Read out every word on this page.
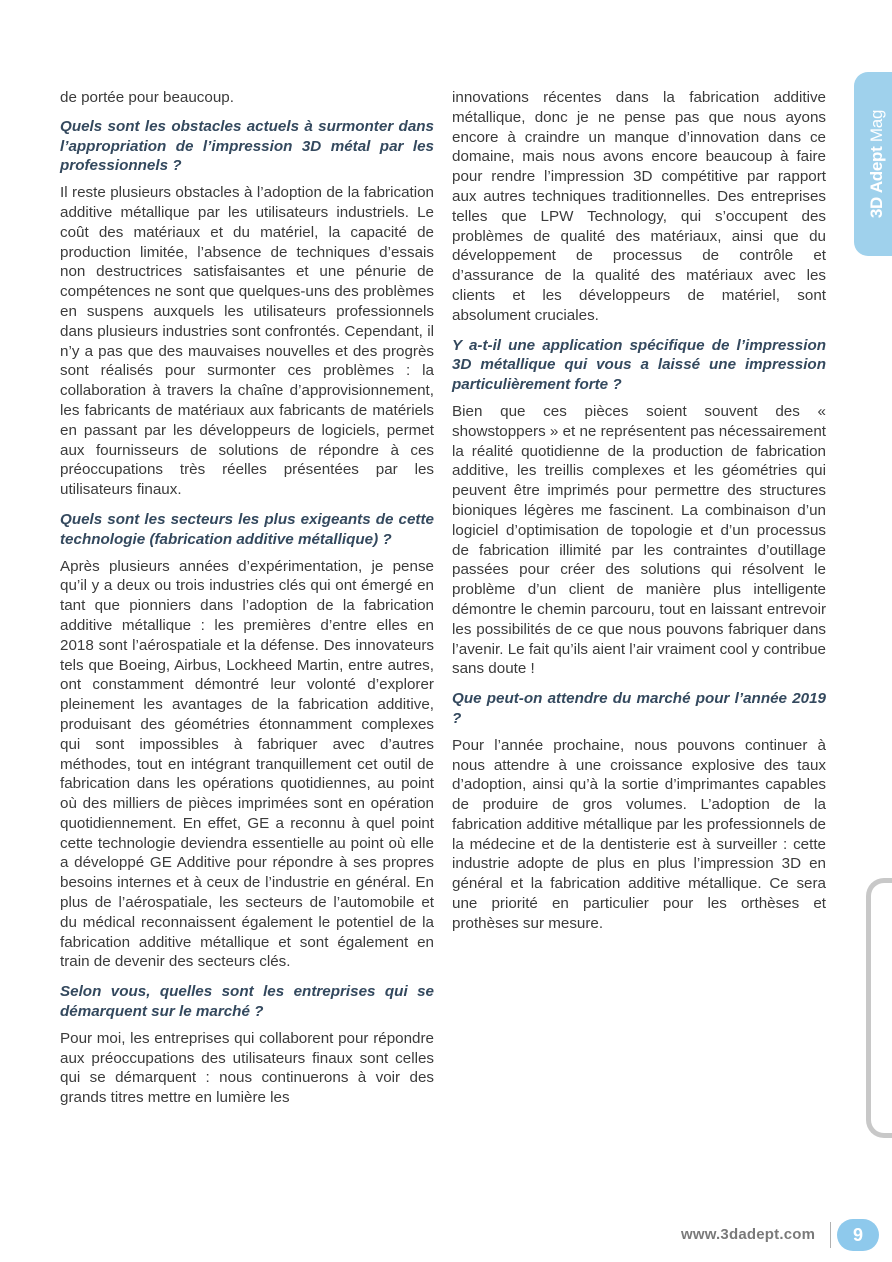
3D Adept Mag

de portée pour beaucoup.

Quels sont les obstacles actuels à surmonter dans l’appropriation de l’impression 3D métal par les professionnels ?

Il reste plusieurs obstacles à l’adoption de la fabrication additive métallique par les utilisateurs industriels. Le coût des matériaux et du matériel, la capacité de production limitée, l’absence de techniques d’essais non destructrices satisfaisantes et une pénurie de compétences ne sont que quelques-uns des problèmes en suspens auxquels les utilisateurs professionnels dans plusieurs industries sont confrontés. Cependant, il n’y a pas que des mauvaises nouvelles et des progrès sont réalisés pour surmonter ces problèmes : la collaboration à travers la chaîne d’approvisionnement, les fabricants de matériaux aux fabricants de matériels en passant par les développeurs de logiciels, permet aux fournisseurs de solutions de répondre à ces préoccupations très réelles présentées par les utilisateurs finaux.

Quels sont les secteurs les plus exigeants de cette technologie (fabrication additive métallique) ?

Après plusieurs années d’expérimentation, je pense qu’il y a deux ou trois industries clés qui ont émergé en tant que pionniers dans l’adoption de la fabrication additive métallique : les premières d’entre elles en 2018 sont l’aérospatiale et la défense. Des innovateurs tels que Boeing, Airbus, Lockheed Martin, entre autres, ont constamment démontré leur volonté d’explorer pleinement les avantages de la fabrication additive, produisant des géométries étonnamment complexes qui sont impossibles à fabriquer avec d’autres méthodes, tout en intégrant tranquillement cet outil de fabrication dans les opérations quotidiennes, au point où des milliers de pièces imprimées sont en opération quotidiennement. En effet, GE a reconnu à quel point cette technologie deviendra essentielle au point où elle a développé GE Additive pour répondre à ses propres besoins internes et à ceux de l’industrie en général. En plus de l’aérospatiale, les secteurs de l’automobile et du médical reconnaissent également le potentiel de la fabrication additive métallique et sont également en train de devenir des secteurs clés.

Selon vous, quelles sont les entreprises qui se démarquent sur le marché ?

Pour moi, les entreprises qui collaborent pour répondre aux préoccupations des utilisateurs finaux sont celles qui se démarquent : nous continuerons à voir des grands titres mettre en lumière les

innovations récentes dans la fabrication additive métallique, donc je ne pense pas que nous ayons encore à craindre un manque d’innovation dans ce domaine, mais nous avons encore beaucoup à faire pour rendre l’impression 3D compétitive par rapport aux autres techniques traditionnelles. Des entreprises telles que LPW Technology, qui s’occupent des problèmes de qualité des matériaux, ainsi que du développement de processus de contrôle et d’assurance de la qualité des matériaux avec les clients et les développeurs de matériel, sont absolument cruciales.

Y a-t-il une application spécifique de l’impression 3D métallique qui vous a laissé une impression particulièrement forte ?

Bien que ces pièces soient souvent des « showstoppers » et ne représentent pas nécessairement la réalité quotidienne de la production de fabrication additive, les treillis complexes et les géométries qui peuvent être imprimés pour permettre des structures bioniques légères me fascinent. La combinaison d’un logiciel d’optimisation de topologie et d’un processus de fabrication illimité par les contraintes d’outillage passées pour créer des solutions qui résolvent le problème d’un client de manière plus intelligente démontre le chemin parcouru, tout en laissant entrevoir les possibilités de ce que nous pouvons fabriquer dans l’avenir. Le fait qu’ils aient l’air vraiment cool y contribue sans doute !

Que peut-on attendre du marché pour l’année 2019 ?

Pour l’année prochaine, nous pouvons continuer à nous attendre à une croissance explosive des taux d’adoption, ainsi qu’à la sortie d’imprimantes capables de produire de gros volumes. L’adoption de la fabrication additive métallique par les professionnels de la médecine et de la dentisterie est à surveiller : cette industrie adopte de plus en plus l’impression 3D en général et la fabrication additive métallique. Ce sera une priorité en particulier pour les orthèses et prothèses sur mesure.

www.3dadept.com	9
